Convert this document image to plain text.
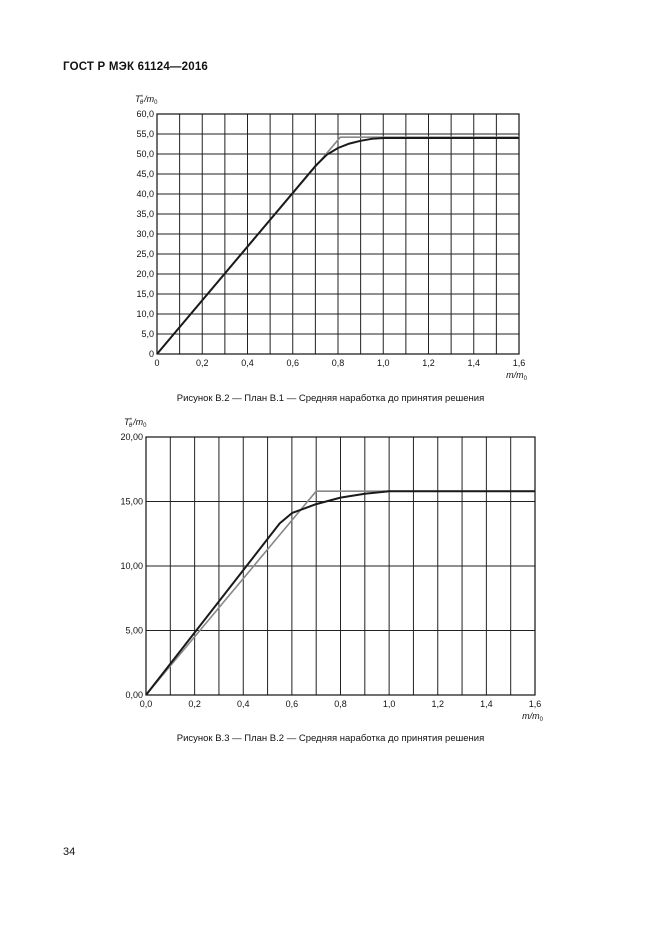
ГОСТ Р МЭК 61124—2016
0	0,2	0,4	0,6	0,8	1,0	1,2	1,4	1,6
0
5,0
10,0
15,0
20,0
25,0
30,0
35,0
40,0
45,0
50,0
55,0
60,0
T* $\theta/m_0$
$m/m_0$
Рисунок В.2 — План В.1 — Средняя наработка до принятия решения
0,0	0,2	0,4	0,6	0,8	1,0	1,2	1,4	1,6
0,00
5,00
10,00
15,00
20,00
T* $\theta/m_0$
$m/m_0$
Рисунок В.3 — План В.2 — Средняя наработка до принятия решения
34
